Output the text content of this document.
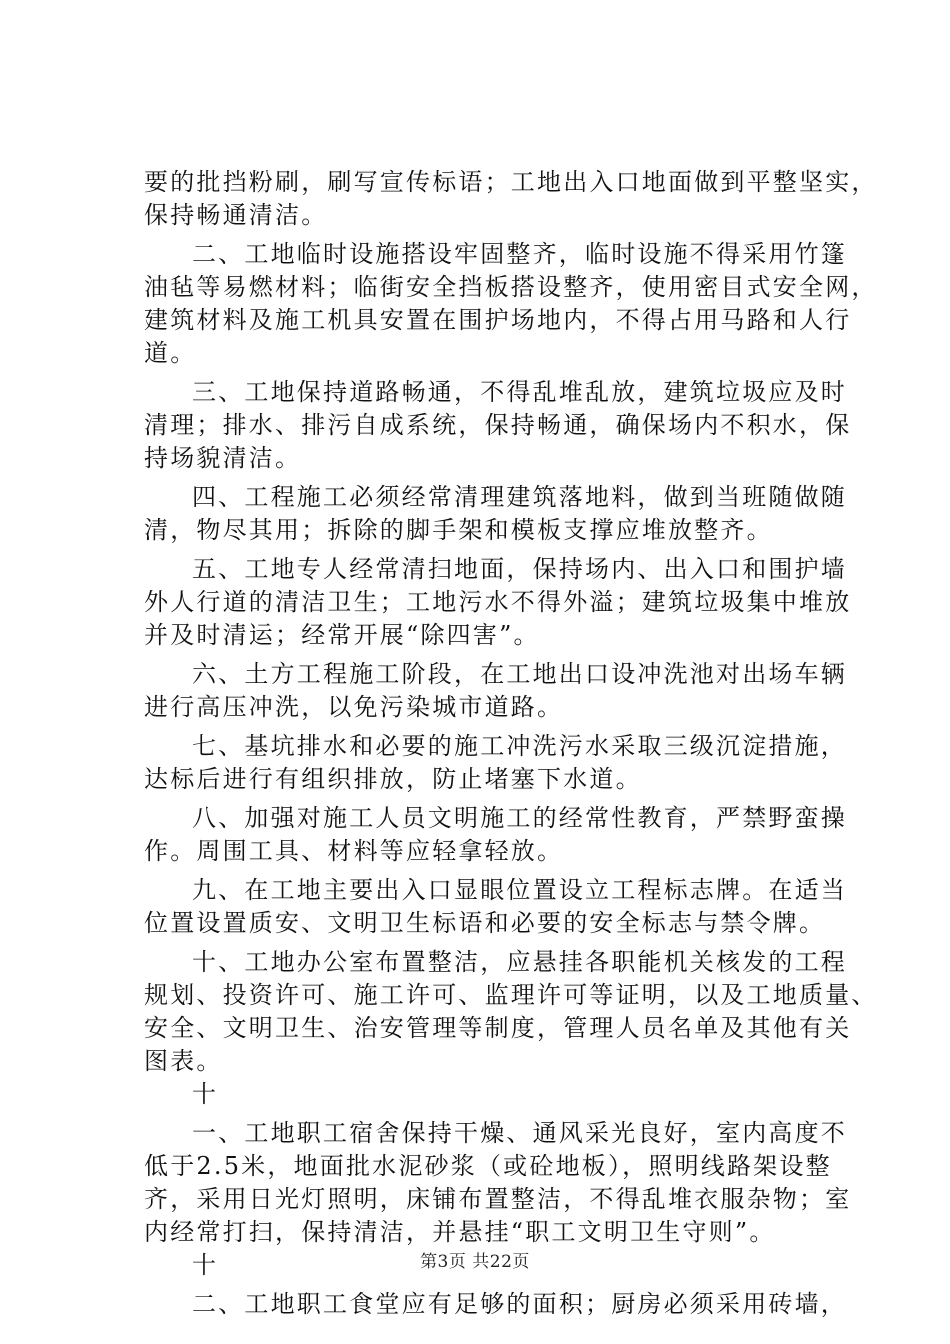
要的批挡粉刷，刷写宣传标语；工地出入口地面做到平整坚实，
保持畅通清洁。
二、工地临时设施搭设牢固整齐，临时设施不得采用竹篷
油毡等易燃材料；临街安全挡板搭设整齐，使用密目式安全网，
建筑材料及施工机具安置在围护场地内，不得占用马路和人行
道。
三、工地保持道路畅通，不得乱堆乱放，建筑垃圾应及时
清理；排水、排污自成系统，保持畅通，确保场内不积水，保
持场貌清洁。
四、工程施工必须经常清理建筑落地料，做到当班随做随
清，物尽其用；拆除的脚手架和模板支撑应堆放整齐。
五、工地专人经常清扫地面，保持场内、出入口和围护墙
外人行道的清洁卫生；工地污水不得外溢；建筑垃圾集中堆放
并及时清运；经常开展“除四害”。
六、土方工程施工阶段，在工地出口设冲洗池对出场车辆
进行高压冲洗，以免污染城市道路。
七、基坑排水和必要的施工冲洗污水采取三级沉淀措施，
达标后进行有组织排放，防止堵塞下水道。
八、加强对施工人员文明施工的经常性教育，严禁野蛮操
作。周围工具、材料等应轻拿轻放。
九、在工地主要出入口显眼位置设立工程标志牌。在适当
位置设置质安、文明卫生标语和必要的安全标志与禁令牌。
十、工地办公室布置整洁，应悬挂各职能机关核发的工程
规划、投资许可、施工许可、监理许可等证明，以及工地质量、
安全、文明卫生、治安管理等制度，管理人员名单及其他有关
图表。
十
一、工地职工宿舍保持干燥、通风采光良好，室内高度不
低于2.5米，地面批水泥砂浆（或砼地板），照明线路架设整
齐，采用日光灯照明，床铺布置整洁，不得乱堆衣服杂物；室
内经常打扫，保持清洁，并悬挂“职工文明卫生守则”。
十
二、工地职工食堂应有足够的面积；厨房必须采用砖墙，
第3页 共22页
